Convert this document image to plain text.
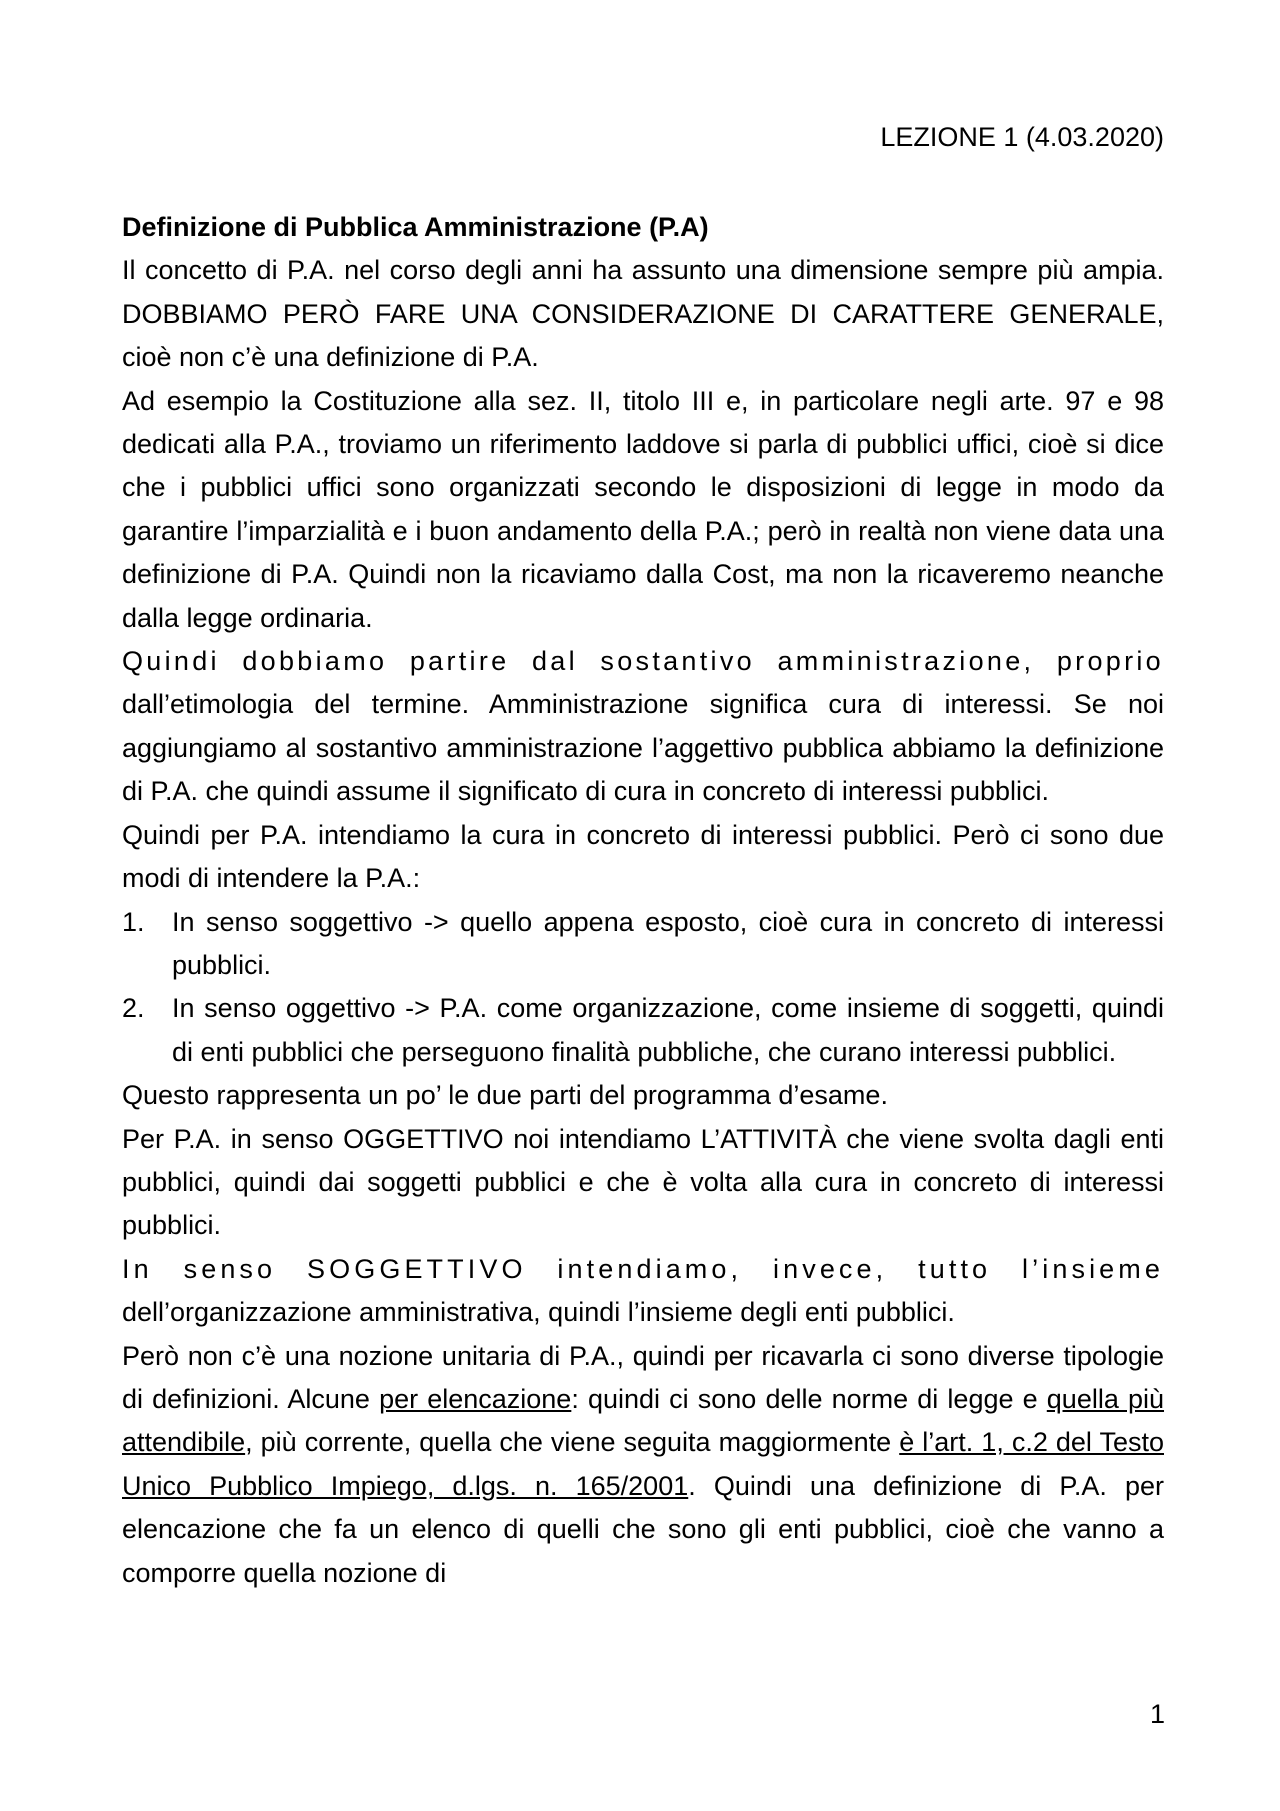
LEZIONE 1 (4.03.2020)

Definizione di Pubblica Amministrazione (P.A)

Il concetto di P.A. nel corso degli anni ha assunto una dimensione sempre più ampia. DOBBIAMO PERÒ FARE UNA CONSIDERAZIONE DI CARATTERE GENERALE, cioè non c’è una definizione di P.A.

Ad esempio la Costituzione alla sez. II, titolo III e, in particolare negli arte. 97 e 98 dedicati alla P.A., troviamo un riferimento laddove si parla di pubblici uffici, cioè si dice che i pubblici uffici sono organizzati secondo le disposizioni di legge in modo da garantire l’imparzialità e i buon andamento della P.A.; però in realtà non viene data una definizione di P.A. Quindi non la ricaviamo dalla Cost, ma non la ricaveremo neanche dalla legge ordinaria.

Quindi dobbiamo partire dal sostantivo amministrazione, proprio dall’etimologia del termine. Amministrazione significa cura di interessi. Se noi aggiungiamo al sostantivo amministrazione l’aggettivo pubblica abbiamo la definizione di P.A. che quindi assume il significato di cura in concreto di interessi pubblici.

Quindi per P.A. intendiamo la cura in concreto di interessi pubblici. Però ci sono due modi di intendere la P.A.:

1. In senso soggettivo -> quello appena esposto, cioè cura in concreto di interessi pubblici.
2. In senso oggettivo -> P.A. come organizzazione, come insieme di soggetti, quindi di enti pubblici che perseguono finalità pubbliche, che curano interessi pubblici.

Questo rappresenta un po’ le due parti del programma d’esame.

Per P.A. in senso OGGETTIVO noi intendiamo L’ATTIVITÀ che viene svolta dagli enti pubblici, quindi dai soggetti pubblici e che è volta alla cura in concreto di interessi pubblici.

In senso SOGGETTIVO intendiamo, invece, tutto l’insieme dell’organizzazione amministrativa, quindi l’insieme degli enti pubblici.

Però non c’è una nozione unitaria di P.A., quindi per ricavarla ci sono diverse tipologie di definizioni. Alcune per elencazione: quindi ci sono delle norme di legge e quella più attendibile, più corrente, quella che viene seguita maggiormente è l’art. 1, c.2 del Testo Unico Pubblico Impiego, d.lgs. n. 165/2001. Quindi una definizione di P.A. per elencazione che fa un elenco di quelli che sono gli enti pubblici, cioè che vanno a comporre quella nozione di

1
